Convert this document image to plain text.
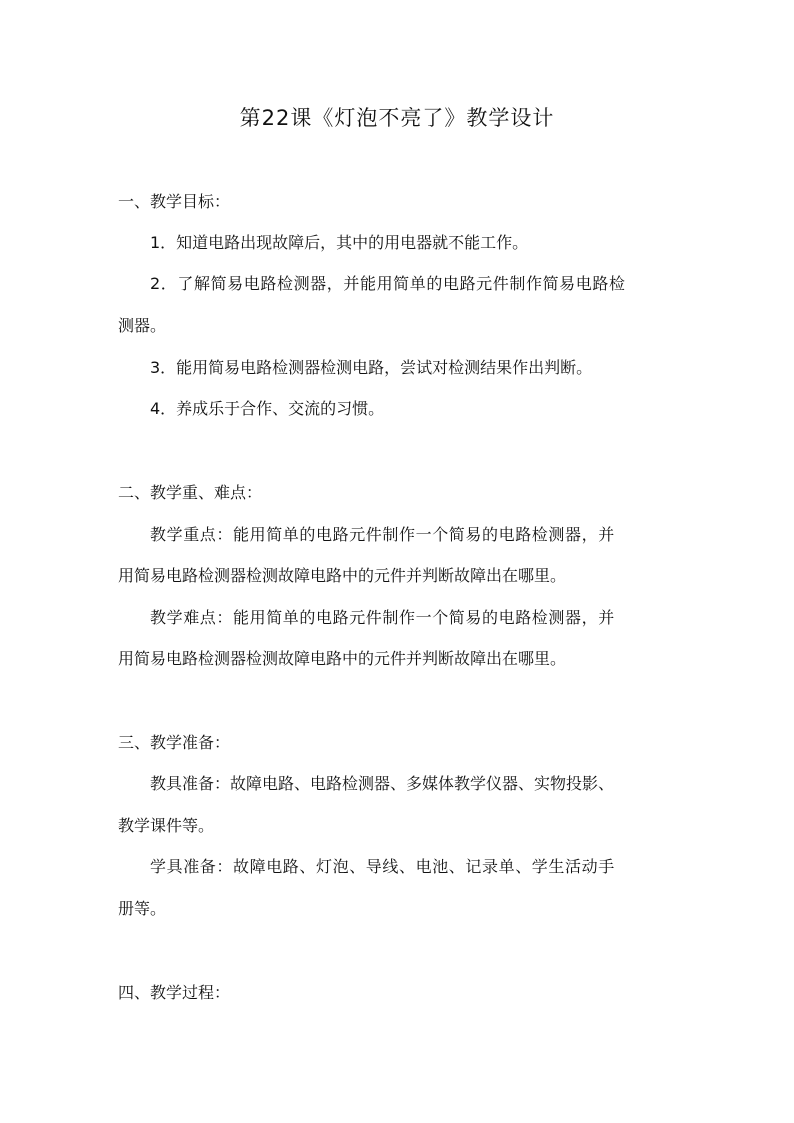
第22课《灯泡不亮了》教学设计
一、教学目标：
1．知道电路出现故障后，其中的用电器就不能工作。
2．了解简易电路检测器，并能用简单的电路元件制作简易电路检
测器。
3．能用简易电路检测器检测电路，尝试对检测结果作出判断。
4．养成乐于合作、交流的习惯。
二、教学重、难点：
教学重点：能用简单的电路元件制作一个简易的电路检测器，并
用简易电路检测器检测故障电路中的元件并判断故障出在哪里。
教学难点：能用简单的电路元件制作一个简易的电路检测器，并
用简易电路检测器检测故障电路中的元件并判断故障出在哪里。
三、教学准备：
教具准备：故障电路、电路检测器、多媒体教学仪器、实物投影、
教学课件等。
学具准备：故障电路、灯泡、导线、电池、记录单、学生活动手
册等。
四、教学过程：
